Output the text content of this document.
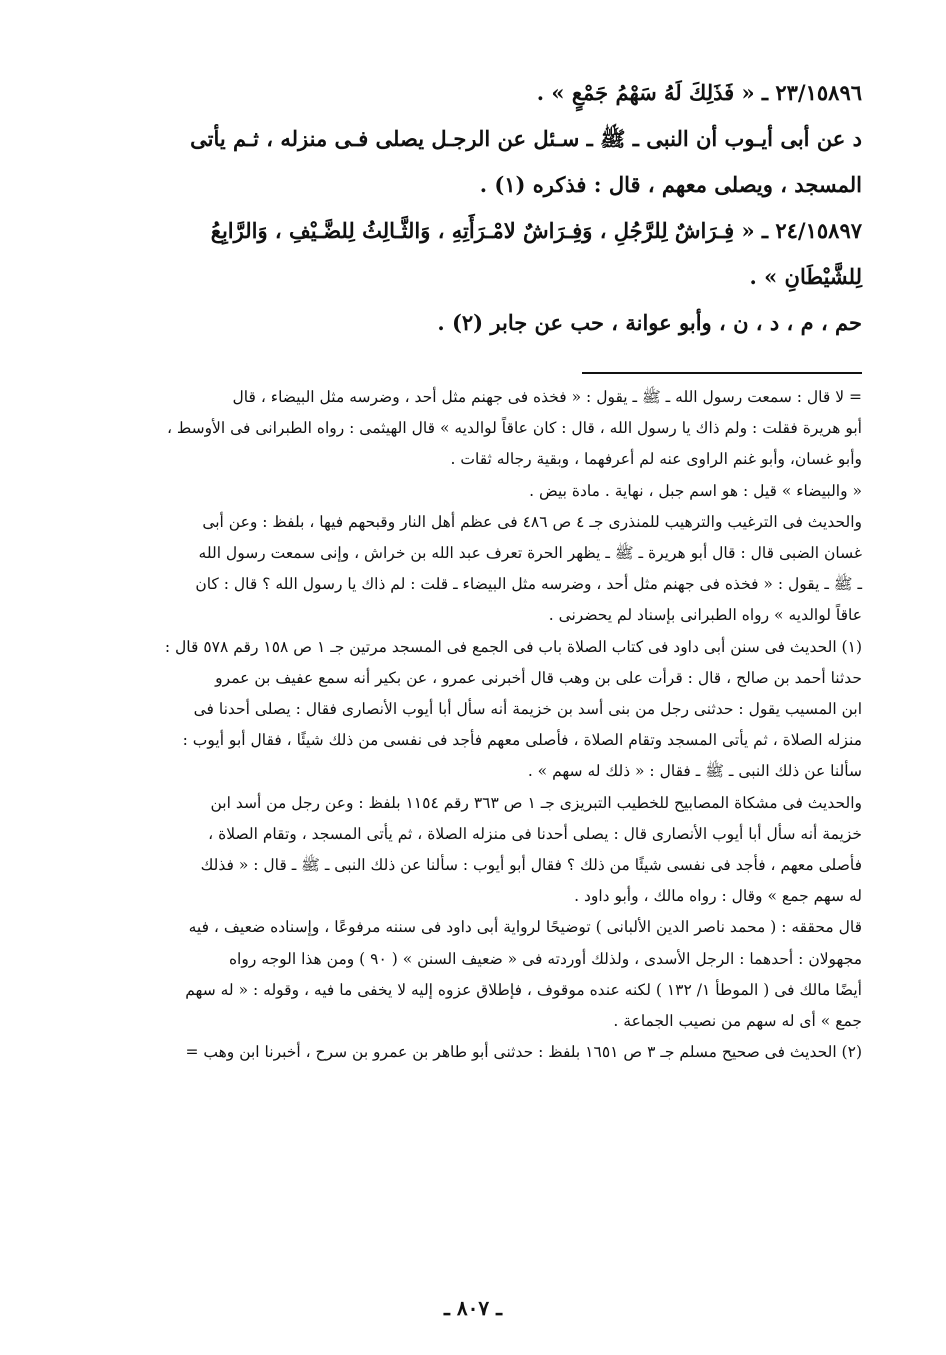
٢٣/١٥٨٩٦ ـ « فَذَلِكَ لَهُ سَهْمُ جَمْعٍ » .

د عن أبى أيـوب أن النبى ـ ﷺ ـ سـئل عن الرجـل يصلى فـى منزله ، ثـم يأتى

المسجد ، ويصلى معهم ، قال : فذكره (١) .

٢٤/١٥٨٩٧ ـ « فِـرَاشٌ لِلرَّجُلِ ، وَفِـرَاشٌ لامْـرَأَتِهِ ، وَالثَّـالِثُ لِلضَّـيْفِ ، وَالرَّابِعُ

لِلشَّيْطَانِ » .

حم ، م ، د ، ن ، وأبو عوانة ، حب عن جابر (٢) .

= لا قال : سمعت رسول الله ـ ﷺ ـ يقول : « فخذه فى جهنم مثل أحد ، وضرسه مثل البيضاء ، قال

أبو هريرة فقلت : ولم ذاك يا رسول الله ، قال : كان عاقاً لوالديه » قال الهيثمى : رواه الطبرانى فى الأوسط ،

وأبو غسان، وأبو غنم الراوى عنه لم أعرفهما ، وبقية رجاله ثقات .

« والبيضاء » قيل : هو اسم جبل ، نهاية . مادة بيض .

والحديث فى الترغيب والترهيب للمنذرى جـ ٤ ص ٤٨٦ فى عظم أهل النار وقبحهم فيها ، بلفظ : وعن أبى

غسان الضبى قال : قال أبو هريرة ـ ﷺ ـ يظهر الحرة تعرف عبد الله بن خراش ، وإنى سمعت رسول الله

ـ ﷺ ـ يقول : « فخذه فى جهنم مثل أحد ، وضرسه مثل البيضاء ـ قلت : لم ذاك يا رسول الله ؟ قال : كان

عاقاً لوالديه » رواه الطبرانى بإسناد لم يحضرنى .

(١) الحديث فى سنن أبى داود فى كتاب الصلاة باب فى الجمع فى المسجد مرتين جـ ١ ص ١٥٨ رقم ٥٧٨ قال :

حدثنا أحمد بن صالح ، قال : قرأت على بن وهب قال أخبرنى عمرو ، عن بكير أنه سمع عفيف بن عمرو

ابن المسيب يقول : حدثنى رجل من بنى أسد بن خزيمة أنه سأل أبا أيوب الأنصارى فقال : يصلى أحدنا فى

منزله الصلاة ، ثم يأتى المسجد وتقام الصلاة ، فأصلى معهم فأجد فى نفسى من ذلك شيئًا ، فقال أبو أيوب :

سألنا عن ذلك النبى ـ ﷺ ـ فقال : « ذلك له سهم » .

والحديث فى مشكاة المصابيح للخطيب التبريزى جـ ١ ص ٣٦٣ رقم ١١٥٤ بلفظ : وعن رجل من أسد ابن

خزيمة أنه سأل أبا أيوب الأنصارى قال : يصلى أحدنا فى منزله الصلاة ، ثم يأتى المسجد ، وتقام الصلاة ،

فأصلى معهم ، فأجد فى نفسى شيئًا من ذلك ؟ فقال أبو أيوب : سألنا عن ذلك النبى ـ ﷺ ـ قال : « فذلك

له سهم جمع » وقال : رواه مالك ، وأبو داود .

قال محققه : ( محمد ناصر الدين الألبانى ) توضيحًا لرواية أبى داود فى سننه مرفوعًا ، وإسناده ضعيف ، فيه

مجهولان : أحدهما : الرجل الأسدى ، ولذلك أوردته فى « ضعيف السنن » ( ٩٠ ) ومن هذا الوجه رواه

أيضًا مالك فى ( الموطأ ١/ ١٣٢ ) لكنه عنده موقوف ، فإطلاق عزوه إليه لا يخفى ما فيه ، وقوله : « له سهم

جمع » أى له سهم من نصيب الجماعة .

(٢) الحديث فى صحيح مسلم جـ ٣ ص ١٦٥١ بلفظ : حدثنى أبو طاهر بن عمرو بن سرح ، أخبرنا ابن وهب =

ـ ٨٠٧ ـ
